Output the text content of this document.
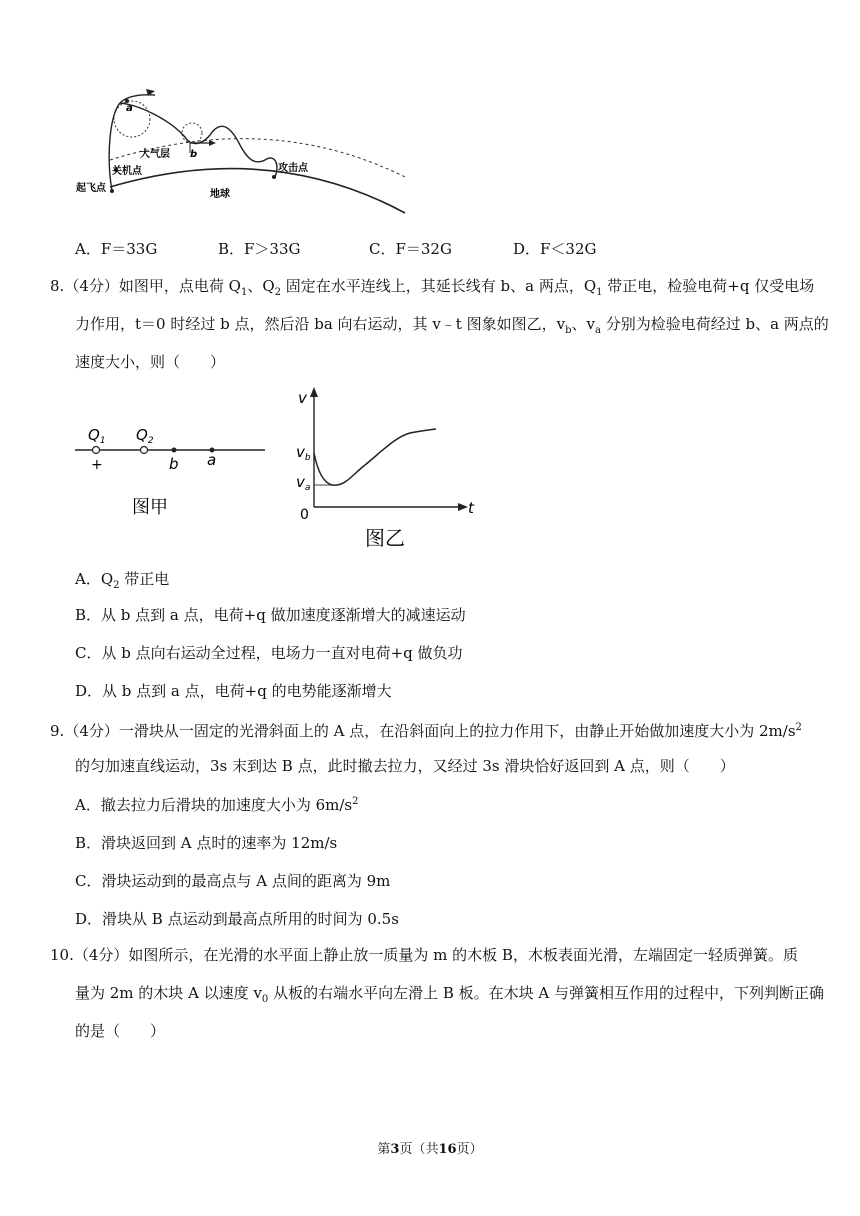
a
b
大气层
关机点
起飞点
攻击点
地球
A．F＝33G	B．F＞33G	C．F＝32G	D．F＜32G
8.（4分）如图甲，点电荷 $Q_1$、$Q_2$ 固定在水平连线上，其延长线有 b、a 两点，$Q_1$ 带正电，检验电荷+q 仅受电场
力作用，t＝0 时经过 b 点，然后沿 ba 向右运动，其 v﹣t 图象如图乙，$v_b$、$v_a$ 分别为检验电荷经过 b、a 两点的
速度大小，则（　　）
$Q_1$ $Q_2$
+	b a
图甲
v
$v_b$
$v_a$
0	t
图乙
A．$Q_2$ 带正电
B．从 b 点到 a 点，电荷+q 做加速度逐渐增大的减速运动
C．从 b 点向右运动全过程，电场力一直对电荷+q 做负功
D．从 b 点到 a 点，电荷+q 的电势能逐渐增大
9.（4分）一滑块从一固定的光滑斜面上的 A 点，在沿斜面向上的拉力作用下，由静止开始做加速度大小为 $2m/s^2$
的匀加速直线运动，3s 末到达 B 点，此时撤去拉力，又经过 3s 滑块恰好返回到 A 点，则（　　）
A．撤去拉力后滑块的加速度大小为 $6m/s^2$
B．滑块返回到 A 点时的速率为 12m/s
C．滑块运动到的最高点与 A 点间的距离为 9m
D．滑块从 B 点运动到最高点所用的时间为 0.5s
10.（4分）如图所示，在光滑的水平面上静止放一质量为 m 的木板 B，木板表面光滑，左端固定一轻质弹簧。质
量为 2m 的木块 A 以速度 $v_0$ 从板的右端水平向左滑上 B 板。在木块 A 与弹簧相互作用的过程中，下列判断正确
的是（　　）
第3页（共16页）
